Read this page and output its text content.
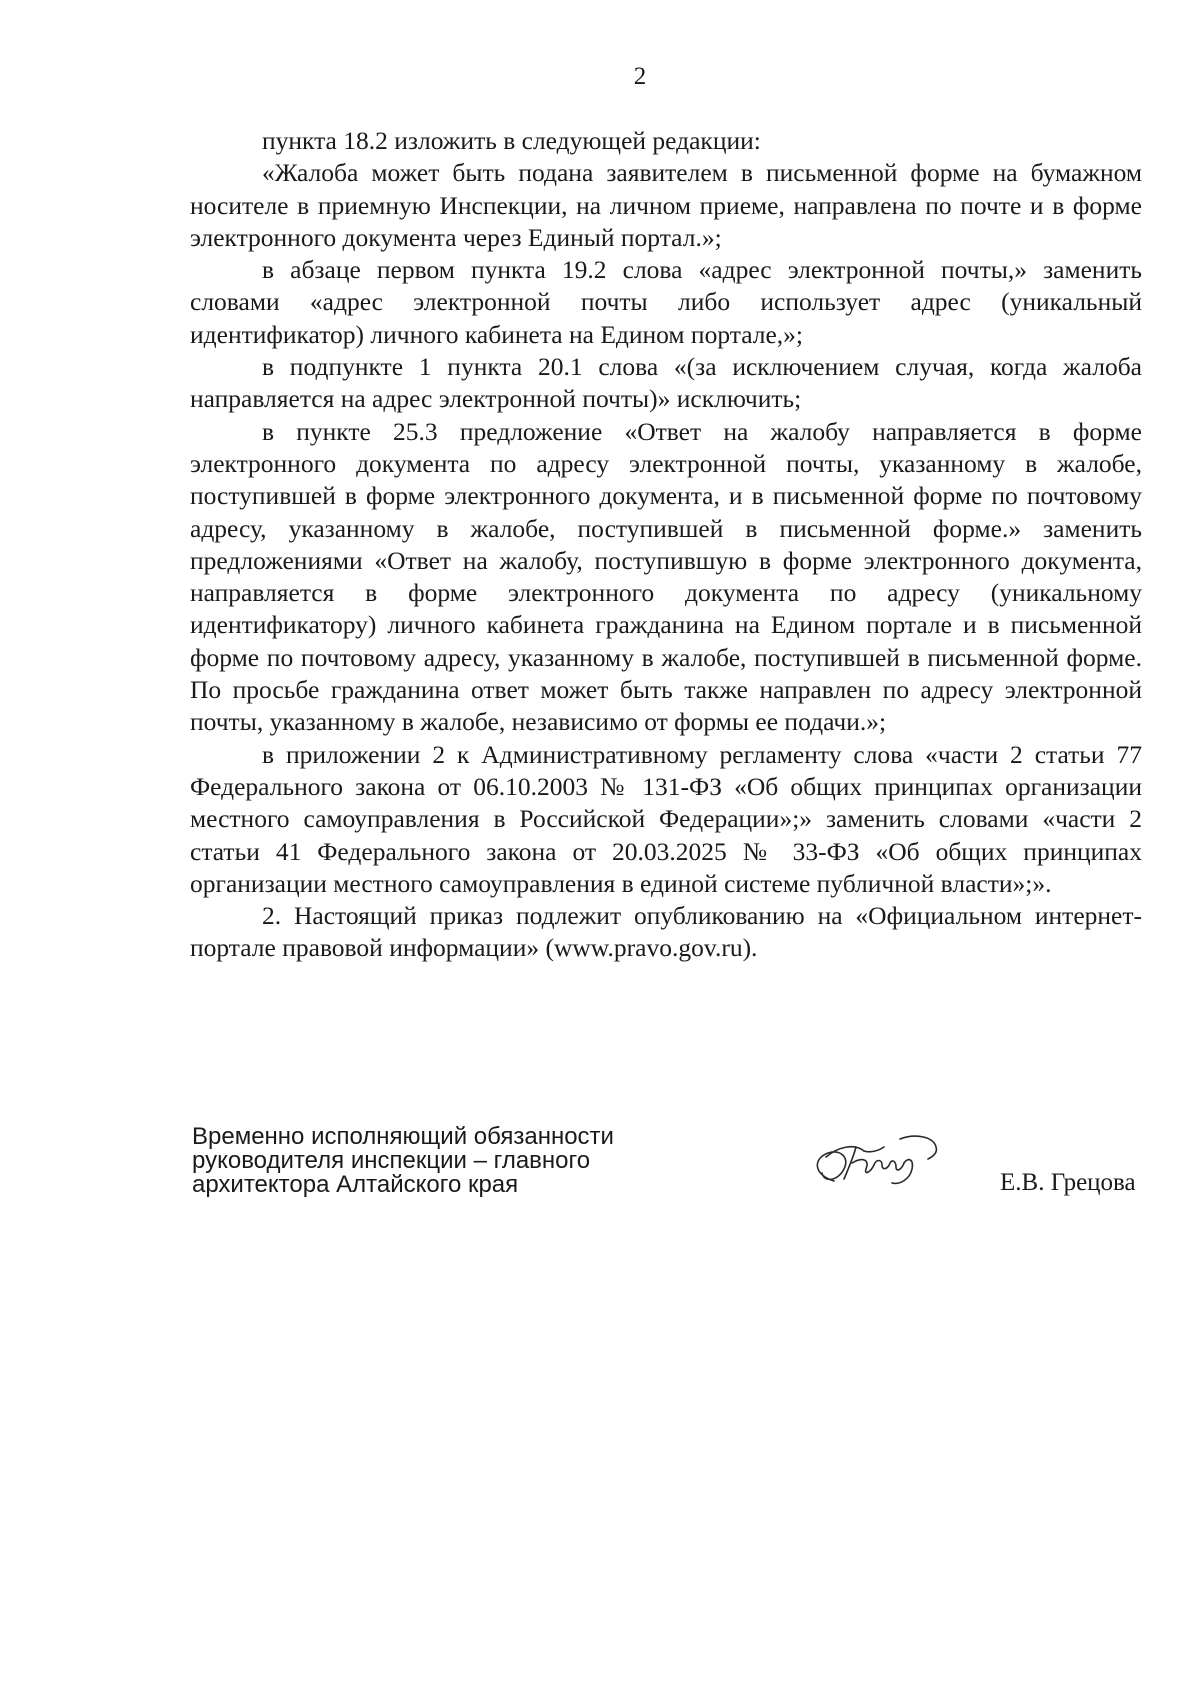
2

пункта 18.2 изложить в следующей редакции:

«Жалоба может быть подана заявителем в письменной форме на бумажном носителе в приемную Инспекции, на личном приеме, направлена по почте и в форме электронного документа через Единый портал.»;

в абзаце первом пункта 19.2 слова «адрес электронной почты,» заменить словами «адрес электронной почты либо использует адрес (уникальный идентификатор) личного кабинета на Едином портале,»;

в подпункте 1 пункта 20.1 слова «(за исключением случая, когда жалоба направляется на адрес электронной почты)» исключить;

в пункте 25.3 предложение «Ответ на жалобу направляется в форме электронного документа по адресу электронной почты, указанному в жалобе, поступившей в форме электронного документа, и в письменной форме по почтовому адресу, указанному в жалобе, поступившей в письменной форме.» заменить предложениями «Ответ на жалобу, поступившую в форме электронного документа, направляется в форме электронного документа по адресу (уникальному идентификатору) личного кабинета гражданина на Едином портале и в письменной форме по почтовому адресу, указанному в жалобе, поступившей в письменной форме. По просьбе гражданина ответ может быть также направлен по адресу электронной почты, указанному в жалобе, независимо от формы ее подачи.»;

в приложении 2 к Административному регламенту слова «части 2 статьи 77 Федерального закона от 06.10.2003 № 131-ФЗ «Об общих принципах организации местного самоуправления в Российской Федерации»;» заменить словами «части 2 статьи 41 Федерального закона от 20.03.2025 № 33-ФЗ «Об общих принципах организации местного самоуправления в единой системе публичной власти»;».

2. Настоящий приказ подлежит опубликованию на «Официальном интернет-портале правовой информации» (www.pravo.gov.ru).

Временно исполняющий обязанности
руководителя инспекции – главного
архитектора Алтайского края	Е.В. Грецова
